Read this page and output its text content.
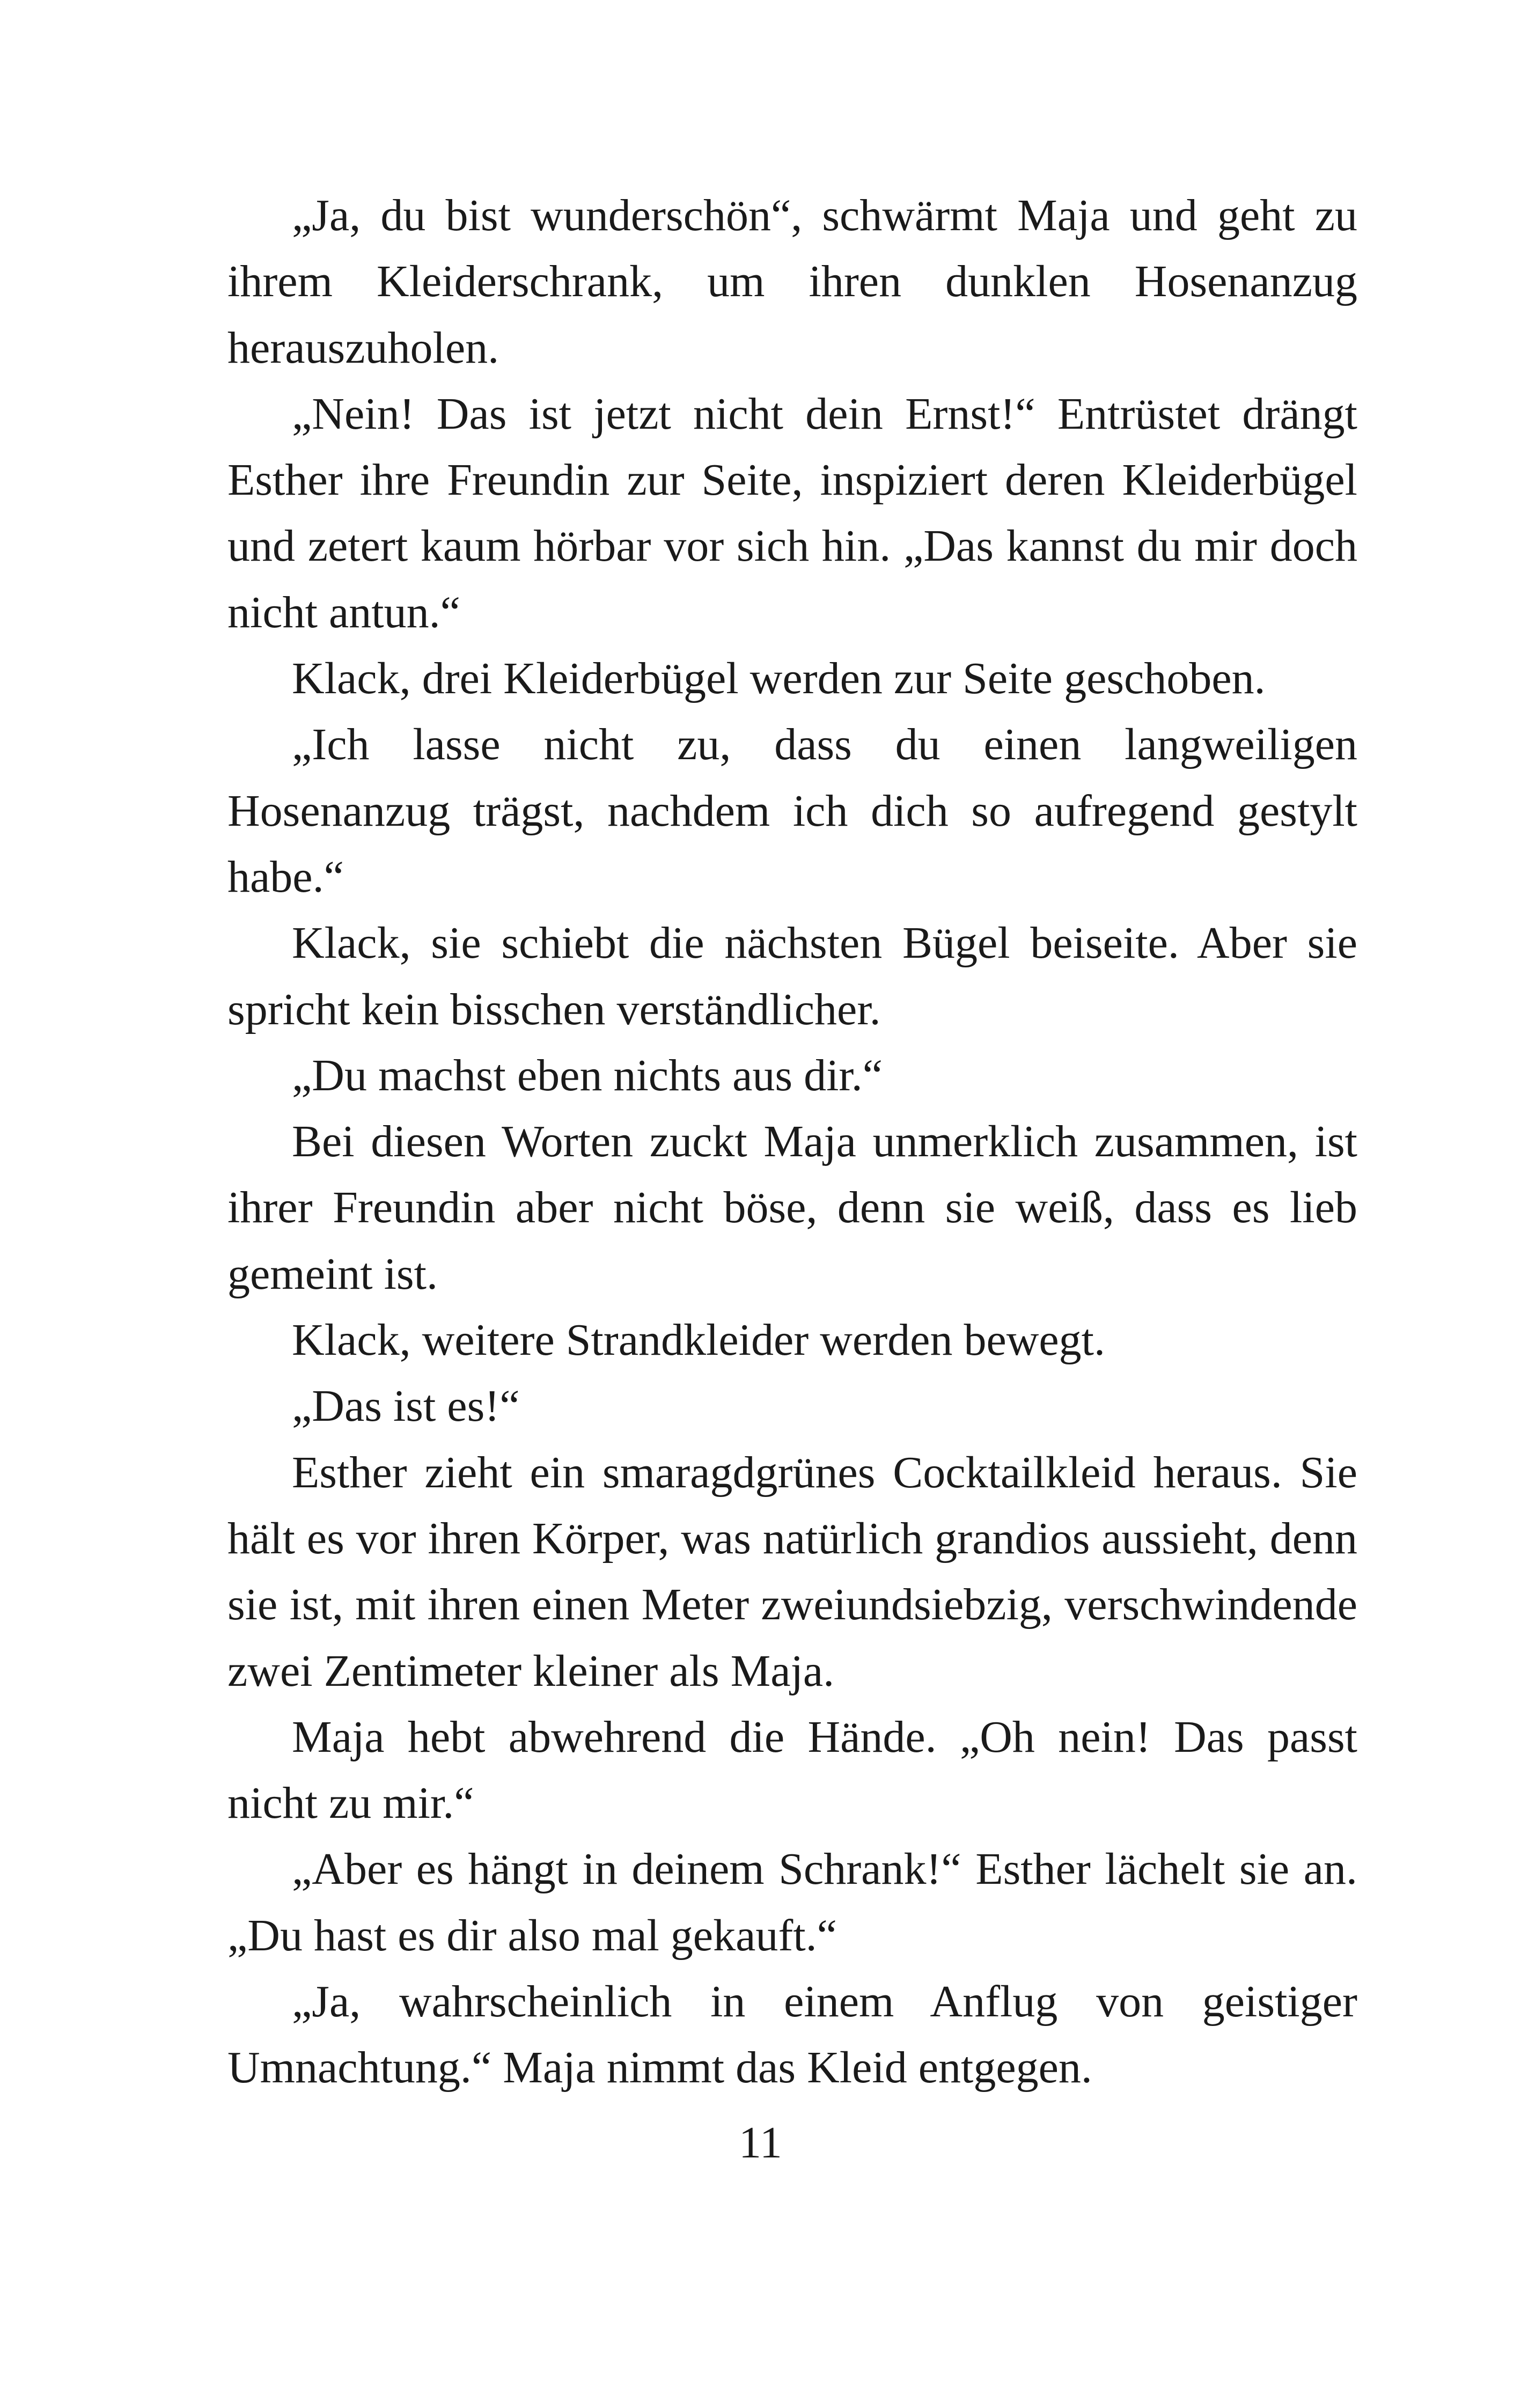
„Ja, du bist wunderschön“, schwärmt Maja und geht zu ihrem Kleiderschrank, um ihren dunklen Hosenanzug herauszuholen.

„Nein! Das ist jetzt nicht dein Ernst!“ Entrüstet drängt Esther ihre Freundin zur Seite, inspiziert deren Kleiderbügel und zetert kaum hörbar vor sich hin. „Das kannst du mir doch nicht antun.“

Klack, drei Kleiderbügel werden zur Seite geschoben.

„Ich lasse nicht zu, dass du einen langweiligen Hosenanzug trägst, nachdem ich dich so aufregend gestylt habe.“

Klack, sie schiebt die nächsten Bügel beiseite. Aber sie spricht kein bisschen verständlicher.

„Du machst eben nichts aus dir.“

Bei diesen Worten zuckt Maja unmerklich zusammen, ist ihrer Freundin aber nicht böse, denn sie weiß, dass es lieb gemeint ist.

Klack, weitere Strandkleider werden bewegt.

„Das ist es!“

Esther zieht ein smaragdgrünes Cocktailkleid heraus. Sie hält es vor ihren Körper, was natürlich grandios aussieht, denn sie ist, mit ihren einen Meter zweiundsiebzig, verschwindende zwei Zentimeter kleiner als Maja.

Maja hebt abwehrend die Hände. „Oh nein! Das passt nicht zu mir.“

„Aber es hängt in deinem Schrank!“ Esther lächelt sie an. „Du hast es dir also mal gekauft.“

„Ja, wahrscheinlich in einem Anflug von geistiger Umnachtung.“ Maja nimmt das Kleid entgegen.

11
